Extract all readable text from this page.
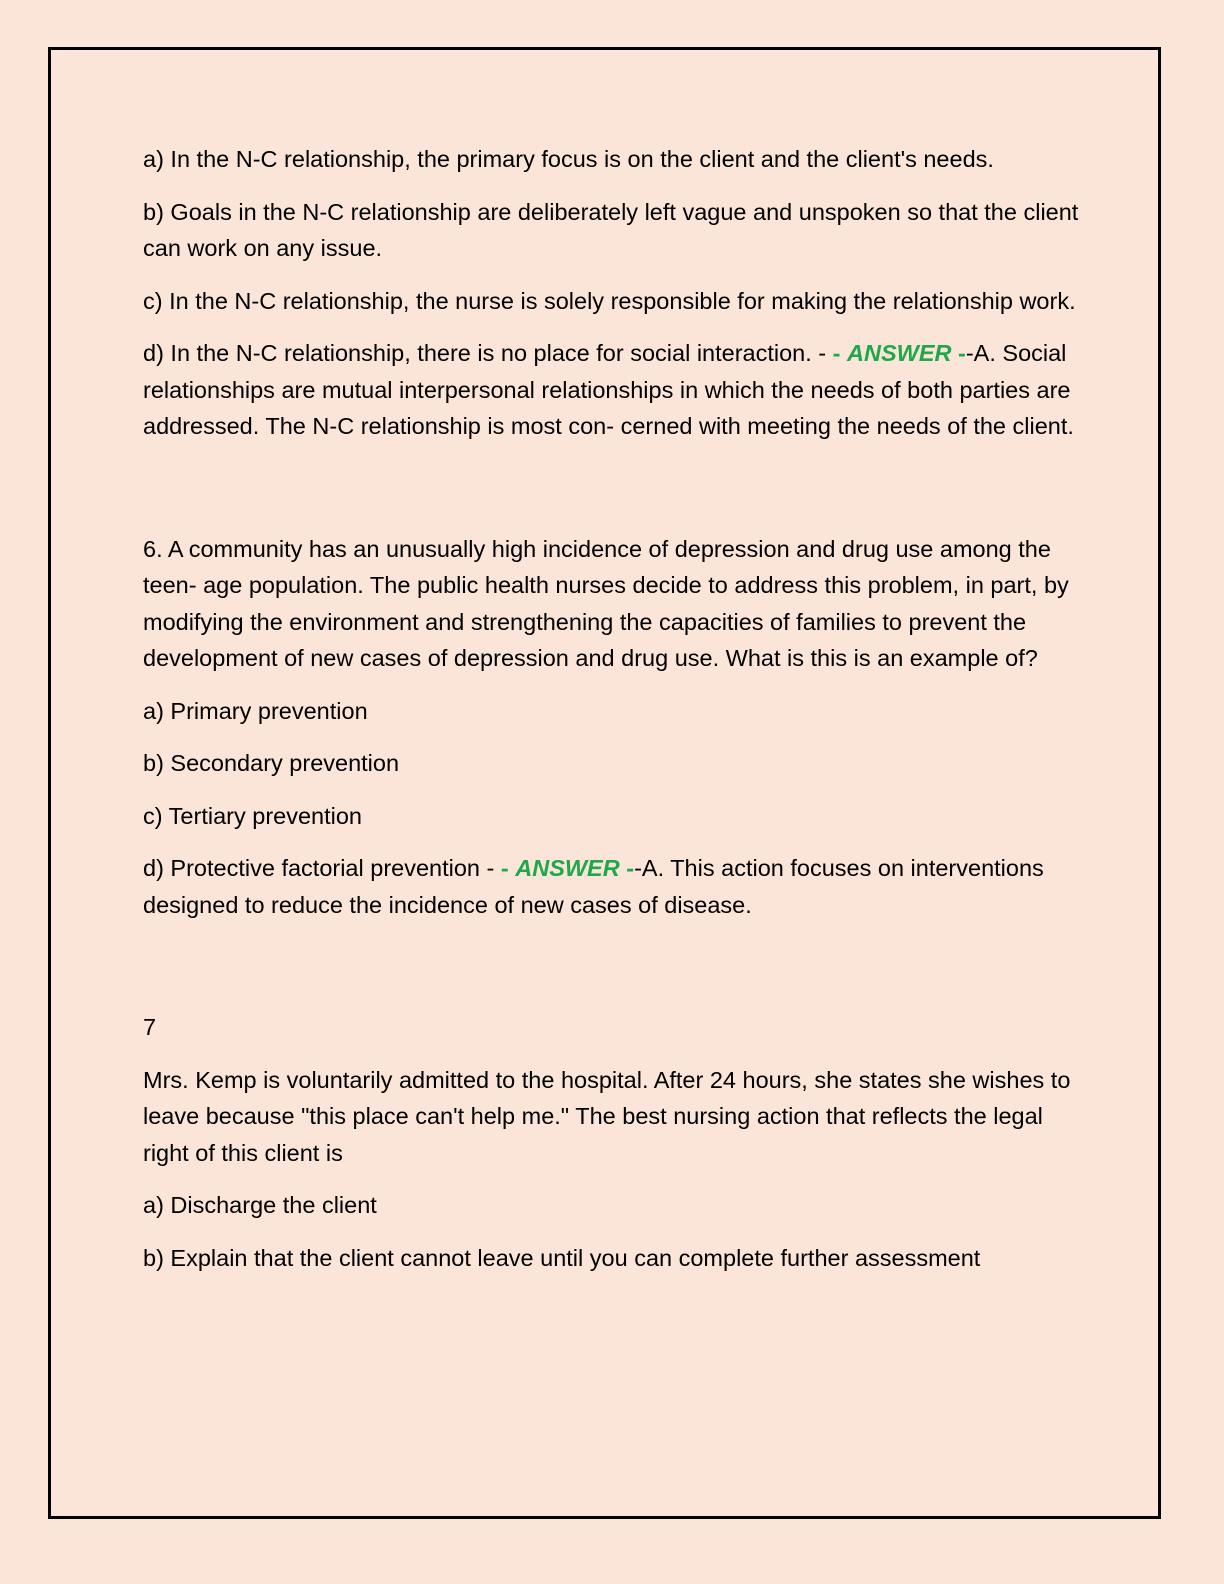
a) In the N-C relationship, the primary focus is on the client and the client's needs.

b) Goals in the N-C relationship are deliberately left vague and unspoken so that the client can work on any issue.

c) In the N-C relationship, the nurse is solely responsible for making the relationship work.

d) In the N-C relationship, there is no place for social interaction. - - ANSWER --A. Social relationships are mutual interpersonal relationships in which the needs of both parties are addressed. The N-C relationship is most con- cerned with meeting the needs of the client.

6. A community has an unusually high incidence of depression and drug use among the teen- age population. The public health nurses decide to address this problem, in part, by modifying the environment and strengthening the capacities of families to prevent the development of new cases of depression and drug use. What is this is an example of?

a) Primary prevention

b) Secondary prevention

c) Tertiary prevention

d) Protective factorial prevention - - ANSWER --A. This action focuses on interventions designed to reduce the incidence of new cases of disease.

7

Mrs. Kemp is voluntarily admitted to the hospital. After 24 hours, she states she wishes to leave because "this place can't help me." The best nursing action that reflects the legal right of this client is

a) Discharge the client

b) Explain that the client cannot leave until you can complete further assessment
